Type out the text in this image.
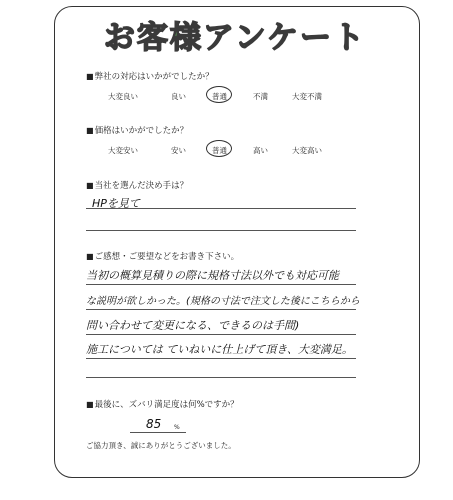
お客様アンケート
■ 弊社の対応はいかがでしたか？
大変良い	良い	普通	不満	大変不満
■ 価格はいかがでしたか？
大変安い	安い	普通	高い	大変高い
■ 当社を選んだ決め手は？
HPを見て
■ ご感想・ご要望などをお書き下さい。
当初の概算見積りの際に規格寸法以外でも対応可能
な説明が欲しかった。(規格の寸法で注文した後にこちらから
問い合わせて変更になる、できるのは手間)
施工については ていねいに仕上げて頂き、大変満足。
■ 最後に、ズバリ満足度は何%ですか？
85 %
ご協力頂き、誠にありがとうございました。
